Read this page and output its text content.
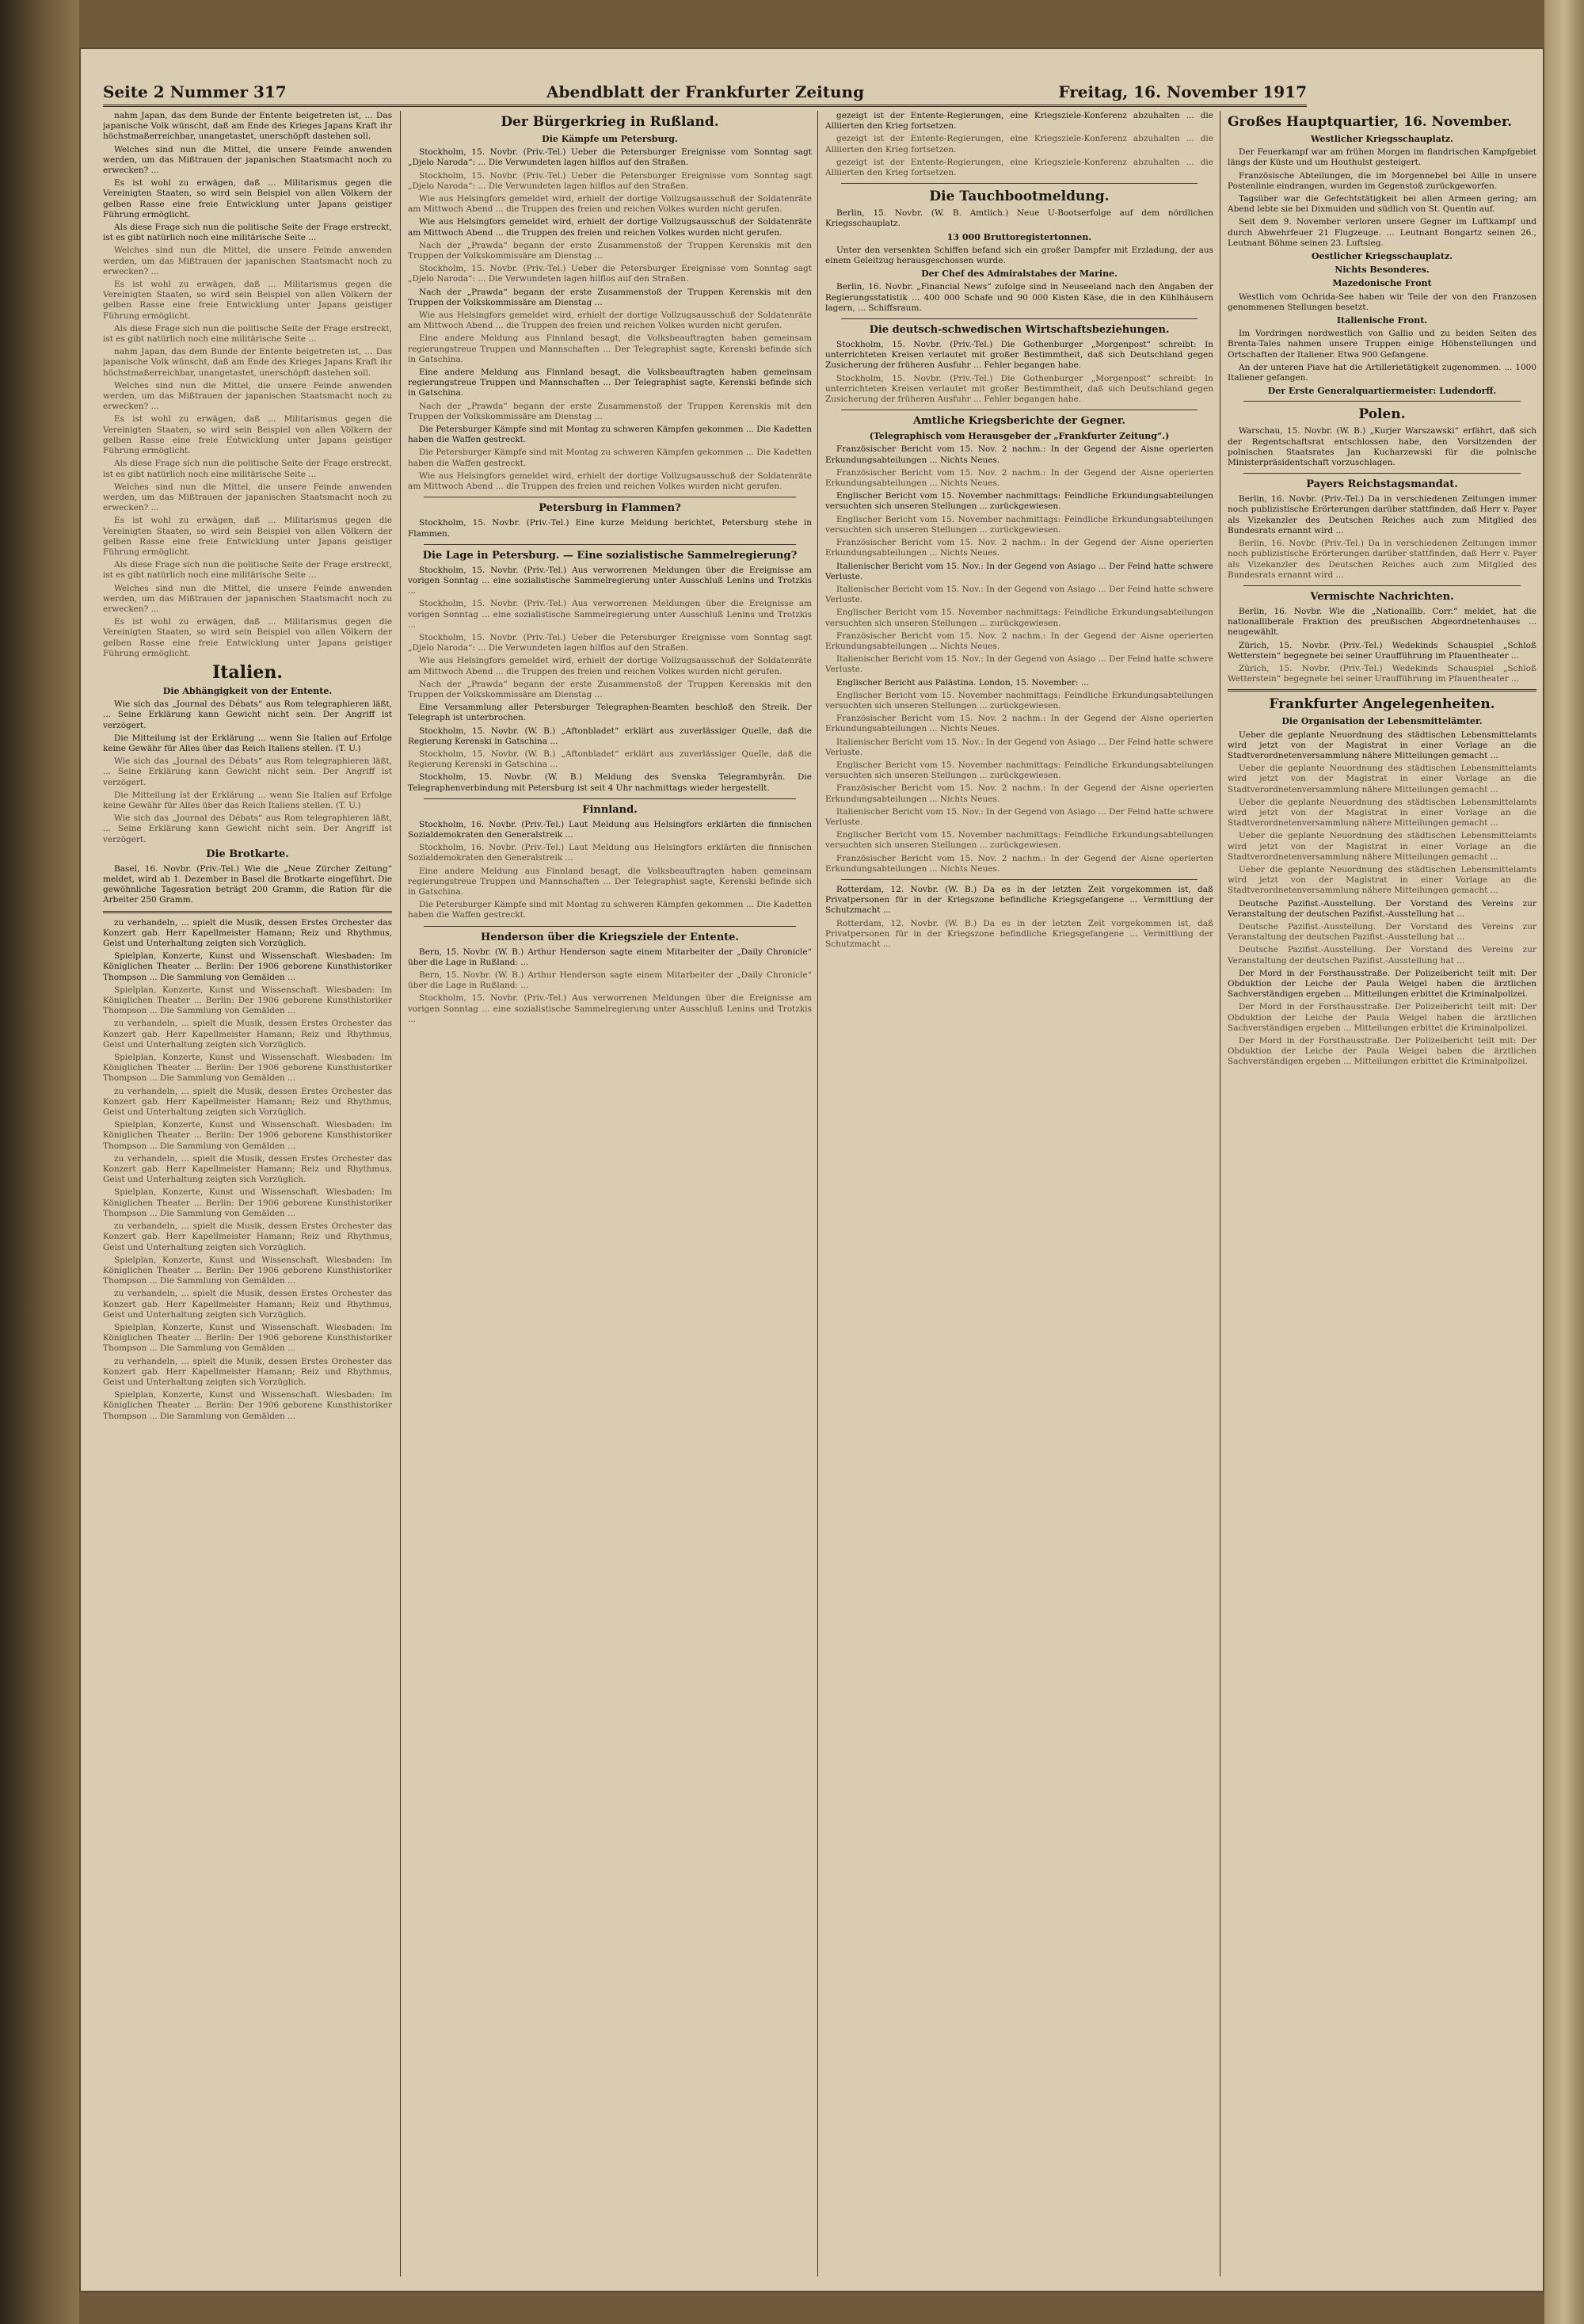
Seite 2 Nummer 317	Abendblatt der Frankfurter Zeitung	Freitag, 16. November 1917

nahm Japan, das dem Bunde der Entente beigetreten ist, ... Das japanische Volk wünscht, daß am Ende des Krieges Japans Kraft ihr höchstmaßerreichbar, unangetastet, unerschöpft dastehen soll.

Welches sind nun die Mittel, die unsere Feinde anwenden werden, um das Mißtrauen der japanischen Staatsmacht noch zu erwecken? ...

Es ist wohl zu erwägen, daß ... Militarismus gegen die Vereinigten Staaten, so wird sein Beispiel von allen Völkern der gelben Rasse eine freie Entwicklung unter Japans geistiger Führung ermöglicht.

Als diese Frage sich nun die politische Seite der Frage erstreckt, ist es gibt natürlich noch eine militärische Seite ...

Welches sind nun die Mittel, die unsere Feinde anwenden werden, um das Mißtrauen der japanischen Staatsmacht noch zu erwecken? ...

Es ist wohl zu erwägen, daß ... Militarismus gegen die Vereinigten Staaten, so wird sein Beispiel von allen Völkern der gelben Rasse eine freie Entwicklung unter Japans geistiger Führung ermöglicht.

Als diese Frage sich nun die politische Seite der Frage erstreckt, ist es gibt natürlich noch eine militärische Seite ...

nahm Japan, das dem Bunde der Entente beigetreten ist, ... Das japanische Volk wünscht, daß am Ende des Krieges Japans Kraft ihr höchstmaßerreichbar, unangetastet, unerschöpft dastehen soll.

Welches sind nun die Mittel, die unsere Feinde anwenden werden, um das Mißtrauen der japanischen Staatsmacht noch zu erwecken? ...

Es ist wohl zu erwägen, daß ... Militarismus gegen die Vereinigten Staaten, so wird sein Beispiel von allen Völkern der gelben Rasse eine freie Entwicklung unter Japans geistiger Führung ermöglicht.

Als diese Frage sich nun die politische Seite der Frage erstreckt, ist es gibt natürlich noch eine militärische Seite ...

Welches sind nun die Mittel, die unsere Feinde anwenden werden, um das Mißtrauen der japanischen Staatsmacht noch zu erwecken? ...

Es ist wohl zu erwägen, daß ... Militarismus gegen die Vereinigten Staaten, so wird sein Beispiel von allen Völkern der gelben Rasse eine freie Entwicklung unter Japans geistiger Führung ermöglicht.

Als diese Frage sich nun die politische Seite der Frage erstreckt, ist es gibt natürlich noch eine militärische Seite ...

Welches sind nun die Mittel, die unsere Feinde anwenden werden, um das Mißtrauen der japanischen Staatsmacht noch zu erwecken? ...

Es ist wohl zu erwägen, daß ... Militarismus gegen die Vereinigten Staaten, so wird sein Beispiel von allen Völkern der gelben Rasse eine freie Entwicklung unter Japans geistiger Führung ermöglicht.

Italien.
Die Abhängigkeit von der Entente.

Wie sich das „Journal des Débats“ aus Rom telegraphieren läßt, ... Seine Erklärung kann Gewicht nicht sein. Der Angriff ist verzögert.

Die Mitteilung ist der Erklärung ... wenn Sie Italien auf Erfolge keine Gewähr für Alles über das Reich Italiens stellen. (T. U.)

Wie sich das „Journal des Débats“ aus Rom telegraphieren läßt, ... Seine Erklärung kann Gewicht nicht sein. Der Angriff ist verzögert.

Die Mitteilung ist der Erklärung ... wenn Sie Italien auf Erfolge keine Gewähr für Alles über das Reich Italiens stellen. (T. U.)

Wie sich das „Journal des Débats“ aus Rom telegraphieren läßt, ... Seine Erklärung kann Gewicht nicht sein. Der Angriff ist verzögert.

Die Brotkarte.

Basel, 16. Novbr. (Priv.-Tel.) Wie die „Neue Zürcher Zeitung“ meldet, wird ab 1. Dezember in Basel die Brotkarte eingeführt. Die gewöhnliche Tagesration beträgt 200 Gramm, die Ration für die Arbeiter 250 Gramm.

zu verhandeln, ... spielt die Musik, dessen Erstes Orchester das Konzert gab. Herr Kapellmeister Hamann; Reiz und Rhythmus, Geist und Unterhaltung zeigten sich Vorzüglich.

Spielplan, Konzerte, Kunst und Wissenschaft. Wiesbaden: Im Königlichen Theater ... Berlin: Der 1906 geborene Kunsthistoriker Thompson ... Die Sammlung von Gemälden ...

Spielplan, Konzerte, Kunst und Wissenschaft. Wiesbaden: Im Königlichen Theater ... Berlin: Der 1906 geborene Kunsthistoriker Thompson ... Die Sammlung von Gemälden ...

zu verhandeln, ... spielt die Musik, dessen Erstes Orchester das Konzert gab. Herr Kapellmeister Hamann; Reiz und Rhythmus, Geist und Unterhaltung zeigten sich Vorzüglich.

Spielplan, Konzerte, Kunst und Wissenschaft. Wiesbaden: Im Königlichen Theater ... Berlin: Der 1906 geborene Kunsthistoriker Thompson ... Die Sammlung von Gemälden ...

zu verhandeln, ... spielt die Musik, dessen Erstes Orchester das Konzert gab. Herr Kapellmeister Hamann; Reiz und Rhythmus, Geist und Unterhaltung zeigten sich Vorzüglich.

Spielplan, Konzerte, Kunst und Wissenschaft. Wiesbaden: Im Königlichen Theater ... Berlin: Der 1906 geborene Kunsthistoriker Thompson ... Die Sammlung von Gemälden ...

zu verhandeln, ... spielt die Musik, dessen Erstes Orchester das Konzert gab. Herr Kapellmeister Hamann; Reiz und Rhythmus, Geist und Unterhaltung zeigten sich Vorzüglich.

Spielplan, Konzerte, Kunst und Wissenschaft. Wiesbaden: Im Königlichen Theater ... Berlin: Der 1906 geborene Kunsthistoriker Thompson ... Die Sammlung von Gemälden ...

zu verhandeln, ... spielt die Musik, dessen Erstes Orchester das Konzert gab. Herr Kapellmeister Hamann; Reiz und Rhythmus, Geist und Unterhaltung zeigten sich Vorzüglich.

Spielplan, Konzerte, Kunst und Wissenschaft. Wiesbaden: Im Königlichen Theater ... Berlin: Der 1906 geborene Kunsthistoriker Thompson ... Die Sammlung von Gemälden ...

zu verhandeln, ... spielt die Musik, dessen Erstes Orchester das Konzert gab. Herr Kapellmeister Hamann; Reiz und Rhythmus, Geist und Unterhaltung zeigten sich Vorzüglich.

Spielplan, Konzerte, Kunst und Wissenschaft. Wiesbaden: Im Königlichen Theater ... Berlin: Der 1906 geborene Kunsthistoriker Thompson ... Die Sammlung von Gemälden ...

zu verhandeln, ... spielt die Musik, dessen Erstes Orchester das Konzert gab. Herr Kapellmeister Hamann; Reiz und Rhythmus, Geist und Unterhaltung zeigten sich Vorzüglich.

Spielplan, Konzerte, Kunst und Wissenschaft. Wiesbaden: Im Königlichen Theater ... Berlin: Der 1906 geborene Kunsthistoriker Thompson ... Die Sammlung von Gemälden ...

Der Bürgerkrieg in Rußland.
Die Kämpfe um Petersburg.

Stockholm, 15. Novbr. (Priv.-Tel.) Ueber die Petersburger Ereignisse vom Sonntag sagt „Djelo Naroda“: ... Die Verwundeten lagen hilflos auf den Straßen.

Stockholm, 15. Novbr. (Priv.-Tel.) Ueber die Petersburger Ereignisse vom Sonntag sagt „Djelo Naroda“: ... Die Verwundeten lagen hilflos auf den Straßen.

Wie aus Helsingfors gemeldet wird, erhielt der dortige Vollzugsausschuß der Soldatenräte am Mittwoch Abend ... die Truppen des freien und reichen Volkes wurden nicht gerufen.

Wie aus Helsingfors gemeldet wird, erhielt der dortige Vollzugsausschuß der Soldatenräte am Mittwoch Abend ... die Truppen des freien und reichen Volkes wurden nicht gerufen.

Nach der „Prawda“ begann der erste Zusammenstoß der Truppen Kerenskis mit den Truppen der Volkskommissäre am Dienstag ...

Stockholm, 15. Novbr. (Priv.-Tel.) Ueber die Petersburger Ereignisse vom Sonntag sagt „Djelo Naroda“: ... Die Verwundeten lagen hilflos auf den Straßen.

Nach der „Prawda“ begann der erste Zusammenstoß der Truppen Kerenskis mit den Truppen der Volkskommissäre am Dienstag ...

Wie aus Helsingfors gemeldet wird, erhielt der dortige Vollzugsausschuß der Soldatenräte am Mittwoch Abend ... die Truppen des freien und reichen Volkes wurden nicht gerufen.

Eine andere Meldung aus Finnland besagt, die Volksbeauftragten haben gemeinsam regierungstreue Truppen und Mannschaften ... Der Telegraphist sagte, Kerenski befinde sich in Gatschina.

Eine andere Meldung aus Finnland besagt, die Volksbeauftragten haben gemeinsam regierungstreue Truppen und Mannschaften ... Der Telegraphist sagte, Kerenski befinde sich in Gatschina.

Nach der „Prawda“ begann der erste Zusammenstoß der Truppen Kerenskis mit den Truppen der Volkskommissäre am Dienstag ...

Die Petersburger Kämpfe sind mit Montag zu schweren Kämpfen gekommen ... Die Kadetten haben die Waffen gestreckt.

Die Petersburger Kämpfe sind mit Montag zu schweren Kämpfen gekommen ... Die Kadetten haben die Waffen gestreckt.

Wie aus Helsingfors gemeldet wird, erhielt der dortige Vollzugsausschuß der Soldatenräte am Mittwoch Abend ... die Truppen des freien und reichen Volkes wurden nicht gerufen.

Petersburg in Flammen?

Stockholm, 15. Novbr. (Priv.-Tel.) Eine kurze Meldung berichtet, Petersburg stehe in Flammen.

Die Lage in Petersburg. — Eine sozialistische Sammelregierung?

Stockholm, 15. Novbr. (Priv.-Tel.) Aus verworrenen Meldungen über die Ereignisse am vorigen Sonntag ... eine sozialistische Sammelregierung unter Ausschluß Lenins und Trotzkis ...

Stockholm, 15. Novbr. (Priv.-Tel.) Aus verworrenen Meldungen über die Ereignisse am vorigen Sonntag ... eine sozialistische Sammelregierung unter Ausschluß Lenins und Trotzkis ...

Stockholm, 15. Novbr. (Priv.-Tel.) Ueber die Petersburger Ereignisse vom Sonntag sagt „Djelo Naroda“: ... Die Verwundeten lagen hilflos auf den Straßen.

Wie aus Helsingfors gemeldet wird, erhielt der dortige Vollzugsausschuß der Soldatenräte am Mittwoch Abend ... die Truppen des freien und reichen Volkes wurden nicht gerufen.

Nach der „Prawda“ begann der erste Zusammenstoß der Truppen Kerenskis mit den Truppen der Volkskommissäre am Dienstag ...

Eine Versammlung aller Petersburger Telegraphen-Beamten beschloß den Streik. Der Telegraph ist unterbrochen.

Stockholm, 15. Novbr. (W. B.) „Aftonbladet“ erklärt aus zuverlässiger Quelle, daß die Regierung Kerenski in Gatschina ...

Stockholm, 15. Novbr. (W. B.) „Aftonbladet“ erklärt aus zuverlässiger Quelle, daß die Regierung Kerenski in Gatschina ...

Stockholm, 15. Novbr. (W. B.) Meldung des Svenska Telegrambyrån. Die Telegraphenverbindung mit Petersburg ist seit 4 Uhr nachmittags wieder hergestellt.

Finnland.

Stockholm, 16. Novbr. (Priv.-Tel.) Laut Meldung aus Helsingfors erklärten die finnischen Sozialdemokraten den Generalstreik ...

Stockholm, 16. Novbr. (Priv.-Tel.) Laut Meldung aus Helsingfors erklärten die finnischen Sozialdemokraten den Generalstreik ...

Eine andere Meldung aus Finnland besagt, die Volksbeauftragten haben gemeinsam regierungstreue Truppen und Mannschaften ... Der Telegraphist sagte, Kerenski befinde sich in Gatschina.

Die Petersburger Kämpfe sind mit Montag zu schweren Kämpfen gekommen ... Die Kadetten haben die Waffen gestreckt.

Henderson über die Kriegsziele der Entente.

Bern, 15. Novbr. (W. B.) Arthur Henderson sagte einem Mitarbeiter der „Daily Chronicle“ über die Lage in Rußland: ...

Bern, 15. Novbr. (W. B.) Arthur Henderson sagte einem Mitarbeiter der „Daily Chronicle“ über die Lage in Rußland: ...

Stockholm, 15. Novbr. (Priv.-Tel.) Aus verworrenen Meldungen über die Ereignisse am vorigen Sonntag ... eine sozialistische Sammelregierung unter Ausschluß Lenins und Trotzkis ...

gezeigt ist der Entente-Regierungen, eine Kriegsziele-Konferenz abzuhalten ... die Alliierten den Krieg fortsetzen.

gezeigt ist der Entente-Regierungen, eine Kriegsziele-Konferenz abzuhalten ... die Alliierten den Krieg fortsetzen.

gezeigt ist der Entente-Regierungen, eine Kriegsziele-Konferenz abzuhalten ... die Alliierten den Krieg fortsetzen.

Die Tauchbootmeldung.

Berlin, 15. Novbr. (W. B. Amtlich.) Neue U-Bootserfolge auf dem nördlichen Kriegsschauplatz.

13 000 Bruttoregistertonnen.

Unter den versenkten Schiffen befand sich ein großer Dampfer mit Erzladung, der aus einem Geleitzug herausgeschossen wurde.

Der Chef des Admiralstabes der Marine.

Berlin, 16. Novbr. „Financial News“ zufolge sind in Neuseeland nach den Angaben der Regierungsstatistik ... 400 000 Schafe und 90 000 Kisten Käse, die in den Kühlhäusern lagern, ... Schiffsraum.

Die deutsch-schwedischen Wirtschaftsbeziehungen.

Stockholm, 15. Novbr. (Priv.-Tel.) Die Gothenburger „Morgenpost“ schreibt: In unterrichteten Kreisen verlautet mit großer Bestimmtheit, daß sich Deutschland gegen Zusicherung der früheren Ausfuhr ... Fehler begangen habe.

Stockholm, 15. Novbr. (Priv.-Tel.) Die Gothenburger „Morgenpost“ schreibt: In unterrichteten Kreisen verlautet mit großer Bestimmtheit, daß sich Deutschland gegen Zusicherung der früheren Ausfuhr ... Fehler begangen habe.

Amtliche Kriegsberichte der Gegner.
(Telegraphisch vom Herausgeber der „Frankfurter Zeitung“.)

Französischer Bericht vom 15. Nov. 2 nachm.: In der Gegend der Aisne operierten Erkundungsabteilungen ... Nichts Neues.

Französischer Bericht vom 15. Nov. 2 nachm.: In der Gegend der Aisne operierten Erkundungsabteilungen ... Nichts Neues.

Englischer Bericht vom 15. November nachmittags: Feindliche Erkundungsabteilungen versuchten sich unseren Stellungen ... zurückgewiesen.

Englischer Bericht vom 15. November nachmittags: Feindliche Erkundungsabteilungen versuchten sich unseren Stellungen ... zurückgewiesen.

Französischer Bericht vom 15. Nov. 2 nachm.: In der Gegend der Aisne operierten Erkundungsabteilungen ... Nichts Neues.

Italienischer Bericht vom 15. Nov.: In der Gegend von Asiago ... Der Feind hatte schwere Verluste.

Italienischer Bericht vom 15. Nov.: In der Gegend von Asiago ... Der Feind hatte schwere Verluste.

Englischer Bericht vom 15. November nachmittags: Feindliche Erkundungsabteilungen versuchten sich unseren Stellungen ... zurückgewiesen.

Französischer Bericht vom 15. Nov. 2 nachm.: In der Gegend der Aisne operierten Erkundungsabteilungen ... Nichts Neues.

Italienischer Bericht vom 15. Nov.: In der Gegend von Asiago ... Der Feind hatte schwere Verluste.

Englischer Bericht aus Palästina. London, 15. November: ...

Englischer Bericht vom 15. November nachmittags: Feindliche Erkundungsabteilungen versuchten sich unseren Stellungen ... zurückgewiesen.

Französischer Bericht vom 15. Nov. 2 nachm.: In der Gegend der Aisne operierten Erkundungsabteilungen ... Nichts Neues.

Italienischer Bericht vom 15. Nov.: In der Gegend von Asiago ... Der Feind hatte schwere Verluste.

Englischer Bericht vom 15. November nachmittags: Feindliche Erkundungsabteilungen versuchten sich unseren Stellungen ... zurückgewiesen.

Französischer Bericht vom 15. Nov. 2 nachm.: In der Gegend der Aisne operierten Erkundungsabteilungen ... Nichts Neues.

Italienischer Bericht vom 15. Nov.: In der Gegend von Asiago ... Der Feind hatte schwere Verluste.

Englischer Bericht vom 15. November nachmittags: Feindliche Erkundungsabteilungen versuchten sich unseren Stellungen ... zurückgewiesen.

Französischer Bericht vom 15. Nov. 2 nachm.: In der Gegend der Aisne operierten Erkundungsabteilungen ... Nichts Neues.

Rotterdam, 12. Novbr. (W. B.) Da es in der letzten Zeit vorgekommen ist, daß Privatpersonen für in der Kriegszone befindliche Kriegsgefangene ... Vermittlung der Schutzmacht ...

Rotterdam, 12. Novbr. (W. B.) Da es in der letzten Zeit vorgekommen ist, daß Privatpersonen für in der Kriegszone befindliche Kriegsgefangene ... Vermittlung der Schutzmacht ...

Großes Hauptquartier, 16. November.
Westlicher Kriegsschauplatz.

Der Feuerkampf war am frühen Morgen im flandrischen Kampfgebiet längs der Küste und um Houthulst gesteigert.

Französische Abteilungen, die im Morgennebel bei Aille in unsere Postenlinie eindrangen, wurden im Gegenstoß zurückgeworfen.

Tagsüber war die Gefechtstätigkeit bei allen Armeen gering; am Abend lebte sie bei Dixmuiden und südlich von St. Quentin auf.

Seit dem 9. November verloren unsere Gegner im Luftkampf und durch Abwehrfeuer 21 Flugzeuge. ... Leutnant Bongartz seinen 26., Leutnant Böhme seinen 23. Luftsieg.

Oestlicher Kriegsschauplatz.
Nichts Besonderes.
Mazedonische Front

Westlich vom Ochrida-See haben wir Teile der von den Franzosen genommenen Stellungen besetzt.

Italienische Front.

Im Vordringen nordwestlich von Gallio und zu beiden Seiten des Brenta-Tales nahmen unsere Truppen einige Höhenstellungen und Ortschaften der Italiener. Etwa 900 Gefangene.

An der unteren Piave hat die Artillerietätigkeit zugenommen. ... 1000 Italiener gefangen.

Der Erste Generalquartiermeister: Ludendorff.
Polen.

Warschau, 15. Novbr. (W. B.) „Kurjer Warszawski“ erfährt, daß sich der Regentschaftsrat entschlossen habe, den Vorsitzenden der polnischen Staatsrates Jan Kucharzewski für die polnische Ministerpräsidentschaft vorzuschlagen.

Payers Reichstagsmandat.

Berlin, 16. Novbr. (Priv.-Tel.) Da in verschiedenen Zeitungen immer noch publizistische Erörterungen darüber stattfinden, daß Herr v. Payer als Vizekanzler des Deutschen Reiches auch zum Mitglied des Bundesrats ernannt wird ...

Berlin, 16. Novbr. (Priv.-Tel.) Da in verschiedenen Zeitungen immer noch publizistische Erörterungen darüber stattfinden, daß Herr v. Payer als Vizekanzler des Deutschen Reiches auch zum Mitglied des Bundesrats ernannt wird ...

Vermischte Nachrichten.

Berlin, 16. Novbr. Wie die „Nationallib. Corr.“ meldet, hat die nationalliberale Fraktion des preußischen Abgeordnetenhauses ... neugewählt.

Zürich, 15. Novbr. (Priv.-Tel.) Wedekinds Schauspiel „Schloß Wetterstein“ begegnete bei seiner Uraufführung im Pfauentheater ...

Zürich, 15. Novbr. (Priv.-Tel.) Wedekinds Schauspiel „Schloß Wetterstein“ begegnete bei seiner Uraufführung im Pfauentheater ...

Frankfurter Angelegenheiten.
Die Organisation der Lebensmittelämter.

Ueber die geplante Neuordnung des städtischen Lebensmittelamts wird jetzt von der Magistrat in einer Vorlage an die Stadtverordnetenversammlung nähere Mitteilungen gemacht ...

Ueber die geplante Neuordnung des städtischen Lebensmittelamts wird jetzt von der Magistrat in einer Vorlage an die Stadtverordnetenversammlung nähere Mitteilungen gemacht ...

Ueber die geplante Neuordnung des städtischen Lebensmittelamts wird jetzt von der Magistrat in einer Vorlage an die Stadtverordnetenversammlung nähere Mitteilungen gemacht ...

Ueber die geplante Neuordnung des städtischen Lebensmittelamts wird jetzt von der Magistrat in einer Vorlage an die Stadtverordnetenversammlung nähere Mitteilungen gemacht ...

Ueber die geplante Neuordnung des städtischen Lebensmittelamts wird jetzt von der Magistrat in einer Vorlage an die Stadtverordnetenversammlung nähere Mitteilungen gemacht ...

Deutsche Pazifist.-Ausstellung. Der Vorstand des Vereins zur Veranstaltung der deutschen Pazifist.-Ausstellung hat ...

Deutsche Pazifist.-Ausstellung. Der Vorstand des Vereins zur Veranstaltung der deutschen Pazifist.-Ausstellung hat ...

Deutsche Pazifist.-Ausstellung. Der Vorstand des Vereins zur Veranstaltung der deutschen Pazifist.-Ausstellung hat ...

Der Mord in der Forsthausstraße. Der Polizeibericht teilt mit: Der Obduktion der Leiche der Paula Weigel haben die ärztlichen Sachverständigen ergeben ... Mitteilungen erbittet die Kriminalpolizei.

Der Mord in der Forsthausstraße. Der Polizeibericht teilt mit: Der Obduktion der Leiche der Paula Weigel haben die ärztlichen Sachverständigen ergeben ... Mitteilungen erbittet die Kriminalpolizei.

Der Mord in der Forsthausstraße. Der Polizeibericht teilt mit: Der Obduktion der Leiche der Paula Weigel haben die ärztlichen Sachverständigen ergeben ... Mitteilungen erbittet die Kriminalpolizei.
